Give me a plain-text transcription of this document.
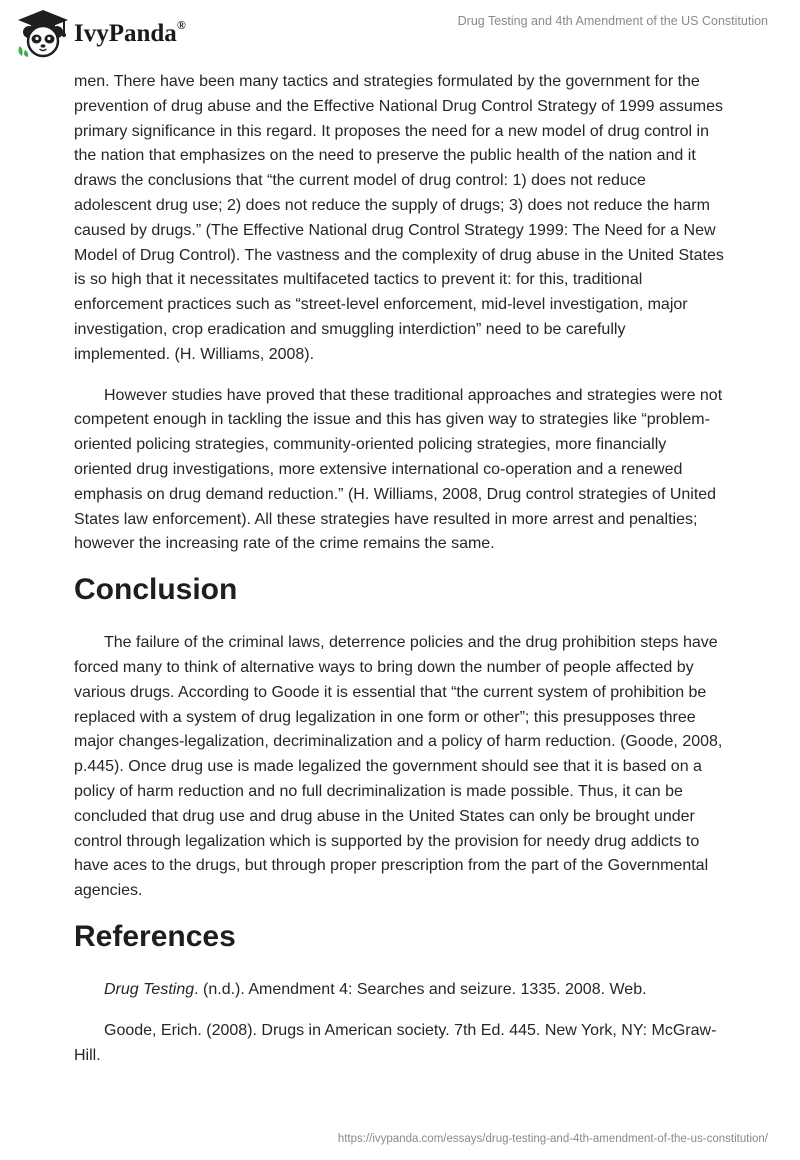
IvyPanda®	Drug Testing and 4th Amendment of the US Constitution

men. There have been many tactics and strategies formulated by the government for the prevention of drug abuse and the Effective National Drug Control Strategy of 1999 assumes primary significance in this regard. It proposes the need for a new model of drug control in the nation that emphasizes on the need to preserve the public health of the nation and it draws the conclusions that “the current model of drug control: 1) does not reduce adolescent drug use; 2) does not reduce the supply of drugs; 3) does not reduce the harm caused by drugs.” (The Effective National drug Control Strategy 1999: The Need for a New Model of Drug Control). The vastness and the complexity of drug abuse in the United States is so high that it necessitates multifaceted tactics to prevent it: for this, traditional enforcement practices such as “street-level enforcement, mid-level investigation, major investigation, crop eradication and smuggling interdiction” need to be carefully implemented. (H. Williams, 2008).

However studies have proved that these traditional approaches and strategies were not competent enough in tackling the issue and this has given way to strategies like “problem-oriented policing strategies, community-oriented policing strategies, more financially oriented drug investigations, more extensive international co-operation and a renewed emphasis on drug demand reduction.” (H. Williams, 2008, Drug control strategies of United States law enforcement). All these strategies have resulted in more arrest and penalties; however the increasing rate of the crime remains the same.

Conclusion

The failure of the criminal laws, deterrence policies and the drug prohibition steps have forced many to think of alternative ways to bring down the number of people affected by various drugs. According to Goode it is essential that “the current system of prohibition be replaced with a system of drug legalization in one form or other”; this presupposes three major changes-legalization, decriminalization and a policy of harm reduction. (Goode, 2008, p.445). Once drug use is made legalized the government should see that it is based on a policy of harm reduction and no full decriminalization is made possible. Thus, it can be concluded that drug use and drug abuse in the United States can only be brought under control through legalization which is supported by the provision for needy drug addicts to have aces to the drugs, but through proper prescription from the part of the Governmental agencies.

References

Drug Testing. (n.d.). Amendment 4: Searches and seizure. 1335. 2008. Web.

Goode, Erich. (2008). Drugs in American society. 7th Ed. 445. New York, NY: McGraw-Hill.

https://ivypanda.com/essays/drug-testing-and-4th-amendment-of-the-us-constitution/
